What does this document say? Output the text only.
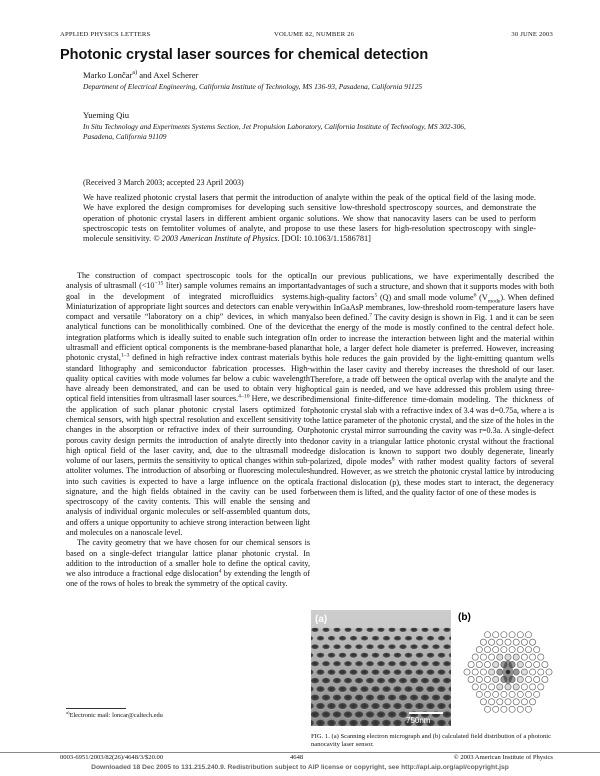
APPLIED PHYSICS LETTERS	VOLUME 82, NUMBER 26	30 JUNE 2003
Photonic crystal laser sources for chemical detection
Marko Lončar$^{a)}$ and Axel Scherer
Department of Electrical Engineering, California Institute of Technology, MS 136-93, Pasadena, California 91125
Yueming Qiu
In Situ Technology and Experiments Systems Section, Jet Propulsion Laboratory, California Institute of Technology, MS 302-306, Pasadena, California 91109
(Received 3 March 2003; accepted 23 April 2003)
We have realized photonic crystal lasers that permit the introduction of analyte within the peak of the optical field of the lasing mode. We have explored the design compromises for developing such sensitive low-threshold spectroscopy sources, and demonstrate the operation of photonic crystal lasers in different ambient organic solutions. We show that nanocavity lasers can be used to perform spectroscopic tests on femtoliter volumes of analyte, and propose to use these lasers for high-resolution spectroscopy with single-molecule sensitivity. © 2003 American Institute of Physics. [DOI: 10.1063/1.1586781]

The construction of compact spectroscopic tools for the optical analysis of ultrasmall ($<10^{-15}$ liter) sample volumes remains an important goal in the development of integrated microfluidics systems. Miniaturization of appropriate light sources and detectors can enable very compact and versatile “laboratory on a chip” devices, in which many analytical functions can be monolithically combined. One of the device integration platforms which is ideally suited to enable such integration of ultrasmall and efficient optical components is the membrane-based planar photonic crystal,$^{1-3}$ defined in high refractive index contrast materials by standard lithography and semiconductor fabrication processes. High-quality optical cavities with mode volumes far below a cubic wavelength have already been demonstrated, and can be used to obtain very high optical field intensities from ultrasmall laser sources.$^{4-10}$ Here, we describe the application of such planar photonic crystal lasers optimized for chemical sensors, with high spectral resolution and excellent sensitivity to changes in the absorption or refractive index of their surrounding. Our porous cavity design permits the introduction of analyte directly into the high optical field of the laser cavity, and, due to the ultrasmall mode volume of our lasers, permits the sensitivity to optical changes within sub-attoliter volumes. The introduction of absorbing or fluorescing molecules into such cavities is expected to have a large influence on the optical signature, and the high fields obtained in the cavity can be used for spectroscopy of the cavity contents. This will enable the sensing and analysis of individual organic molecules or self-assembled quantum dots, and offers a unique opportunity to achieve strong interaction between light and molecules on a nanoscale level.

The cavity geometry that we have chosen for our chemical sensors is based on a single-defect triangular lattice planar photonic crystal. In addition to the introduction of a smaller hole to define the optical cavity, we also introduce a fractional edge dislocation$^4$ by extending the length of one of the rows of holes to break the symmetry of the optical cavity.

In our previous publications, we have experimentally described the advantages of such a structure, and shown that it supports modes with both high-quality factors$^5$ (Q) and small mode volume$^6$ $(V_{mode})$. When defined within InGaAsP membranes, low-threshold room-temperature lasers have also been defined.$^7$ The cavity design is shown in Fig. 1 and it can be seen that the energy of the mode is mostly confined to the central defect hole. In order to increase the interaction between light and the material within that hole, a larger defect hole diameter is preferred. However, increasing this hole reduces the gain provided by the light-emitting quantum wells within the laser cavity and thereby increases the threshold of our laser. Therefore, a trade off between the optical overlap with the analyte and the optical gain is needed, and we have addressed this problem using three-dimensional finite-difference time-domain modeling. The thickness of photonic crystal slab with a refractive index of 3.4 was d=0.75a, where a is the lattice parameter of the photonic crystal, and the size of the holes in the photonic crystal mirror surrounding the cavity was r=0.3a. A single-defect donor cavity in a triangular lattice photonic crystal without the fractional edge dislocation is known to support two doubly degenerate, linearly polarized, dipole modes$^8$ with rather modest quality factors of several hundred. However, as we stretch the photonic crystal lattice by introducing a fractional dislocation (p), these modes start to interact, the degeneracy between them is lifted, and the quality factor of one of these modes is

(a)
750nm
(b)
FIG. 1. (a) Scanning electron micrograph and (b) calculated field distribution of a photonic nanocavity laser sensor.
$^{a)}$Electronic mail: loncar@caltech.edu
0003-6951/2003/82(26)/4648/3/$20.00	4648	© 2003 American Institute of Physics
Downloaded 18 Dec 2005 to 131.215.240.9. Redistribution subject to AIP license or copyright, see http://apl.aip.org/apl/copyright.jsp
